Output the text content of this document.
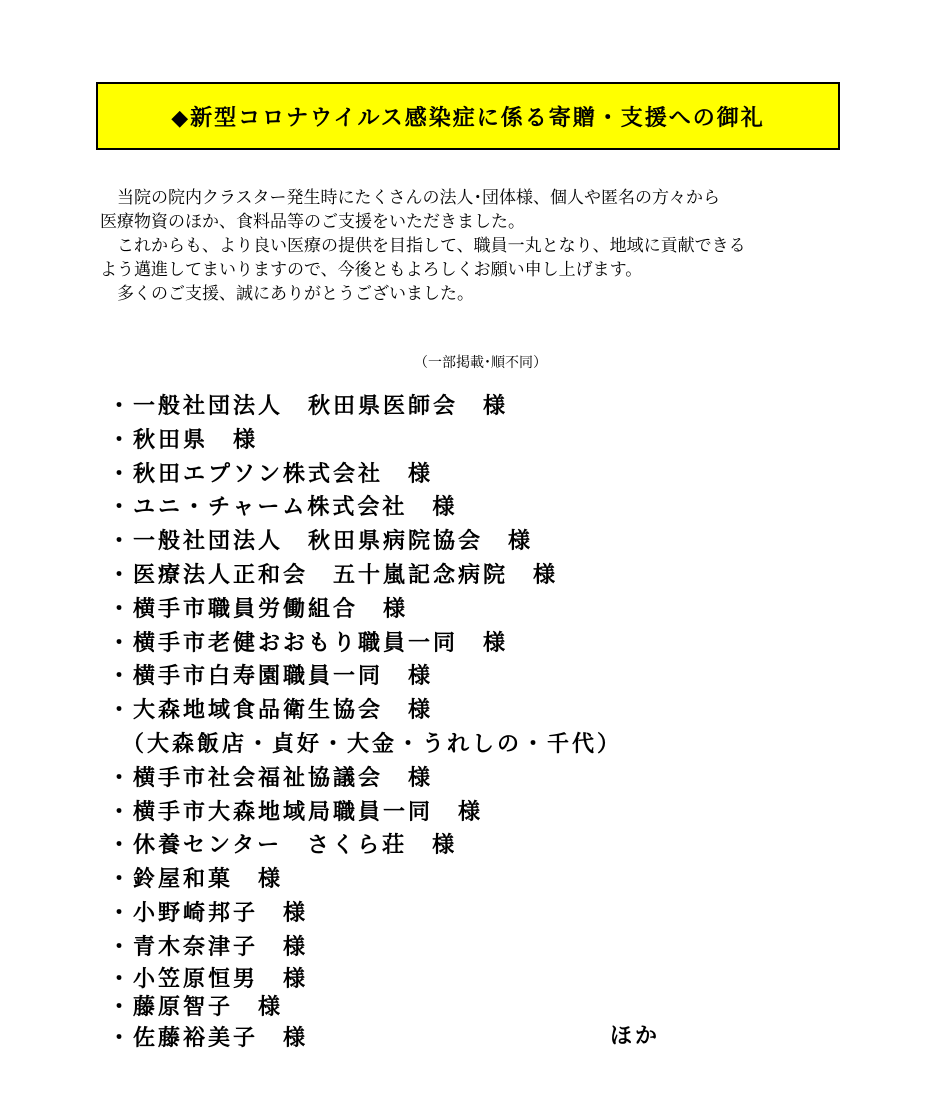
◆新型コロナウイルス感染症に係る寄贈・支援への御礼

　当院の院内クラスター発生時にたくさんの法人･団体様、個人や匿名の方々から

医療物資のほか、食料品等のご支援をいただきました。

　これからも、より良い医療の提供を目指して、職員一丸となり、地域に貢献できる

よう邁進してまいりますので、今後ともよろしくお願い申し上げます。

　多くのご支援、誠にありがとうございました。

（一部掲載･順不同）
・一般社団法人　秋田県医師会　様
・秋田県　様
・秋田エプソン株式会社　様
・ユニ・チャーム株式会社　様
・一般社団法人　秋田県病院協会　様
・医療法人正和会　五十嵐記念病院　様
・横手市職員労働組合　様
・横手市老健おおもり職員一同　様
・横手市白寿園職員一同　様
・大森地域食品衛生協会　様
　（大森飯店・貞好・大金・うれしの・千代）
・横手市社会福祉協議会　様
・横手市大森地域局職員一同　様
・休養センター　さくら荘　様
・鈴屋和菓　様
・小野崎邦子　様
・青木奈津子　様
・小笠原恒男　様
・藤原智子　様
・佐藤裕美子　様	ほか
